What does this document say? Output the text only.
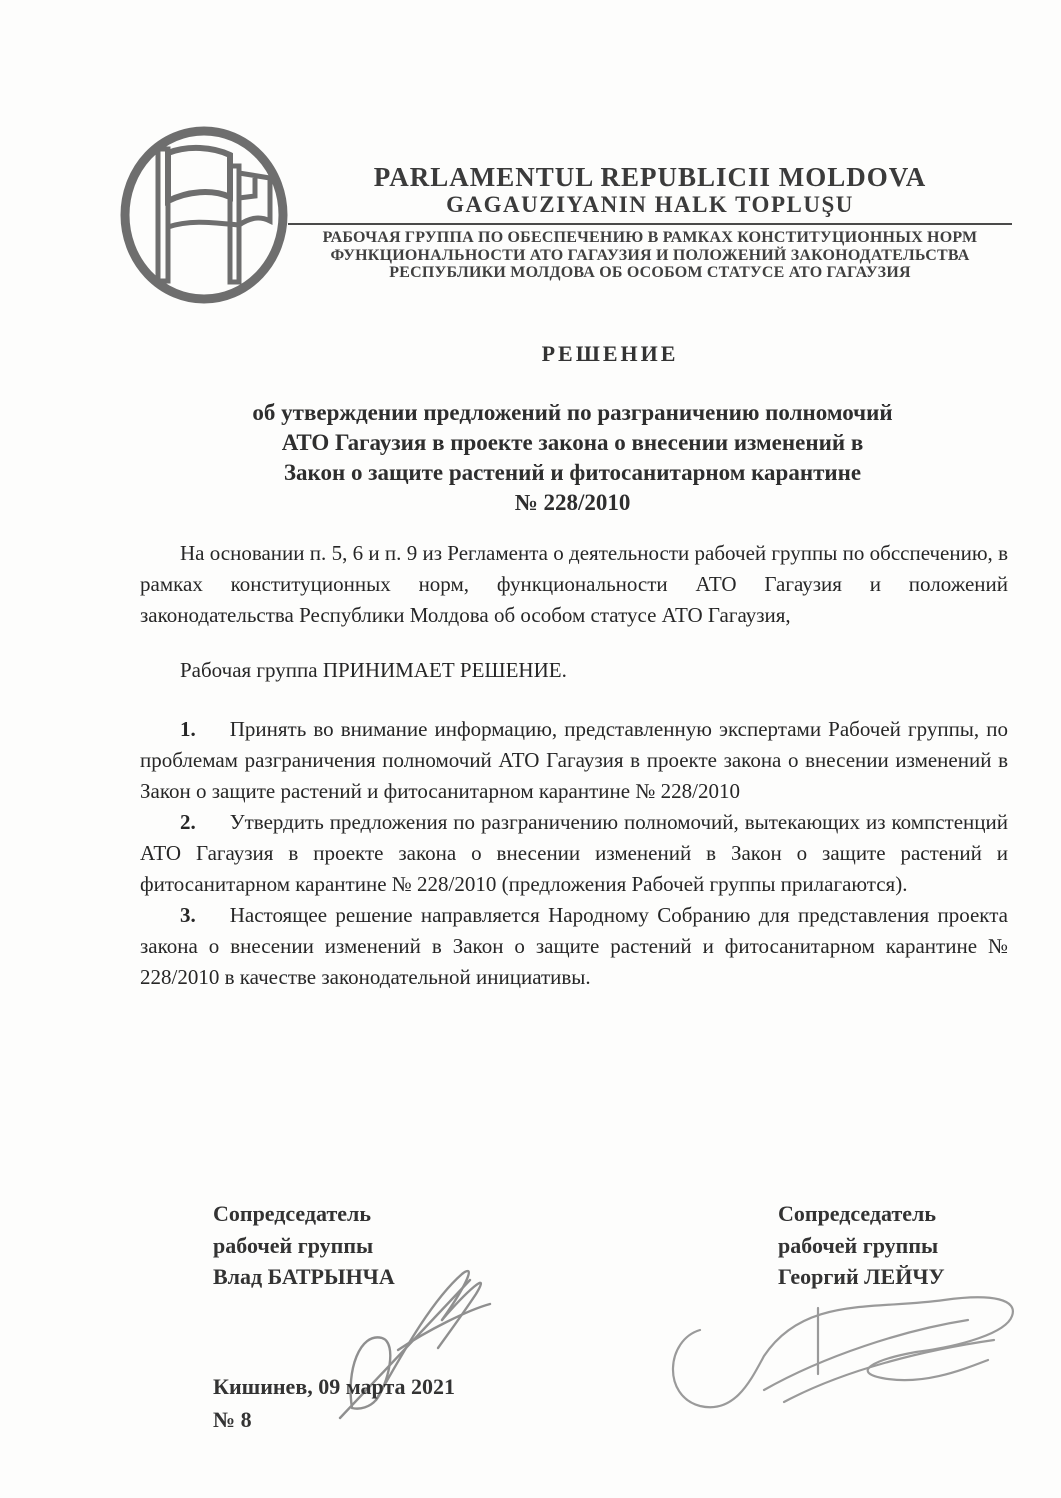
PARLAMENTUL REPUBLICII MOLDOVA
GAGAUZIYANIN HALK TOPLUŞU
РАБОЧАЯ ГРУППА ПО ОБЕСПЕЧЕНИЮ В РАМКАХ КОНСТИТУЦИОННЫХ НОРМ
ФУНКЦИОНАЛЬНОСТИ АТО ГАГАУЗИЯ И ПОЛОЖЕНИЙ ЗАКОНОДАТЕЛЬСТВА
РЕСПУБЛИКИ МОЛДОВА ОБ ОСОБОМ СТАТУСЕ АТО ГАГАУЗИЯ
РЕШЕНИЕ
об утверждении предложений по разграничению полномочий
АТО Гагаузия в проекте закона о внесении изменений в
Закон о защите растений и фитосанитарном карантине
№ 228/2010

На основании п. 5, 6 и п. 9 из Регламента о деятельности рабочей группы по обсспечению, в рамках конституционных норм, функциональности АТО Гагаузия и положений законодательства Республики Молдова об особом статусе АТО Гагаузия,

Рабочая группа ПРИНИМАЕТ РЕШЕНИЕ.

1. Принять во внимание информацию, представленную экспертами Рабочей группы, по проблемам разграничения полномочий АТО Гагаузия в проекте закона о внесении изменений в Закон о защите растений и фитосанитарном карантине № 228/2010

2. Утвердить предложения по разграничению полномочий, вытекающих из компстенций АТО Гагаузия в проекте закона о внесении изменений в Закон о защите растений и фитосанитарном карантине № 228/2010 (предложения Рабочей группы прилагаются).

3. Настоящее решение направляется Народному Собранию для представления проекта закона о внесении изменений в Закон о защите растений и фитосанитарном карантине № 228/2010 в качестве законодательной инициативы.

Сопредседатель
рабочей группы
Влад БАТРЫНЧА
Сопредседатель
рабочей группы
Георгий ЛЕЙЧУ
Кишинев, 09 марта 2021
№ 8
